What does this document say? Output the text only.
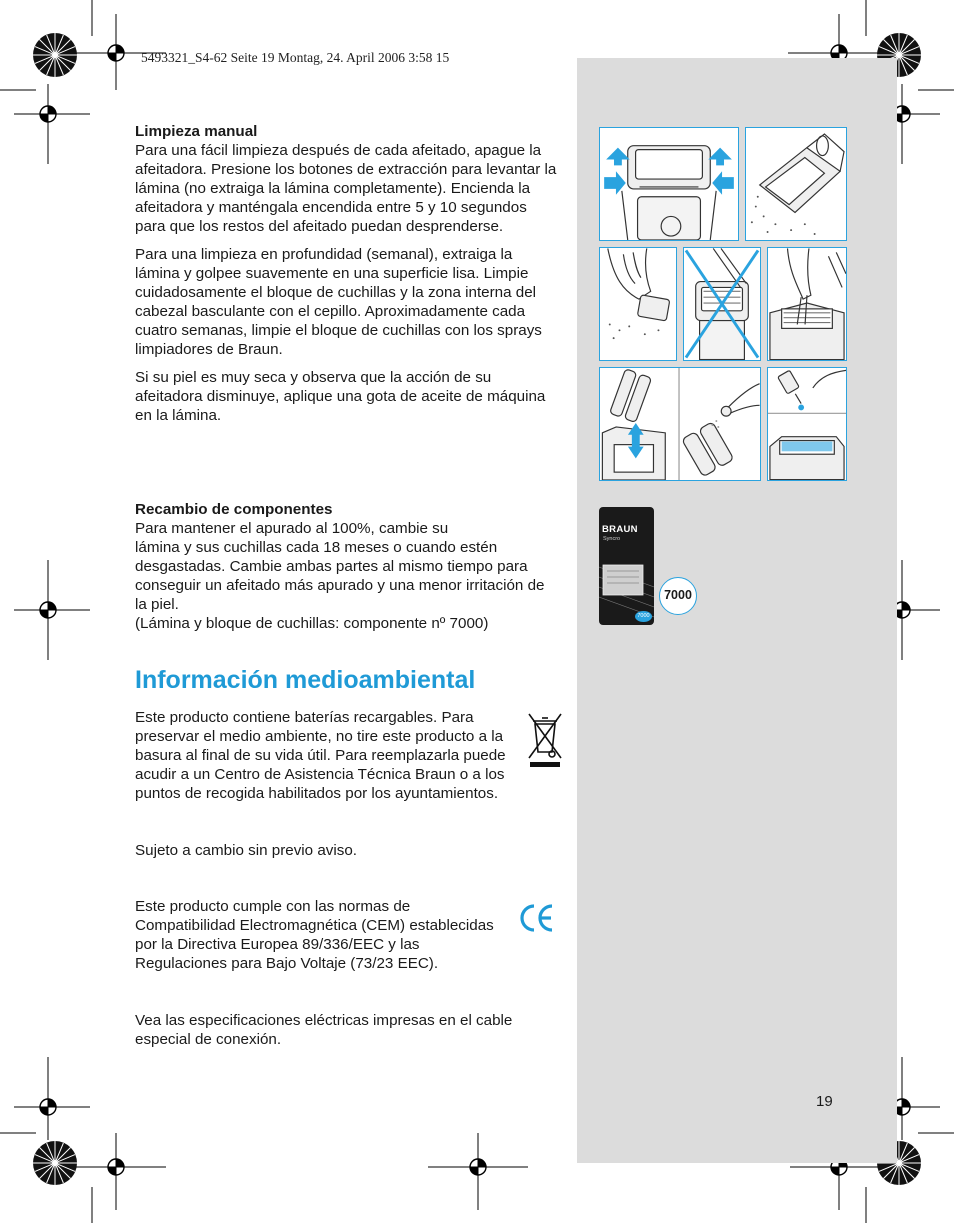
5493321_S4-62 Seite 19 Montag, 24. April 2006 3:58 15

Limpieza manual

Para una fácil limpieza después de cada afeitado, apague la afeitadora. Presione los botones de extracción para levantar la lámina (no extraiga la lámina completamente). Encienda la afeitadora y manténgala encendida entre 5 y 10 segundos para que los restos del afeitado puedan desprenderse.

Para una limpieza en profundidad (semanal), extraiga la lámina y golpee suavemente en una superficie lisa. Limpie cuidadosamente el bloque de cuchillas y la zona interna del cabezal basculante con el cepillo. Aproximadamente cada cuatro semanas, limpie el bloque de cuchillas con los sprays limpiadores de Braun.

Si su piel es muy seca y observa que la acción de su afeitadora disminuye, aplique una gota de aceite de máquina en la lámina.

Recambio de componentes

Para mantener el apurado al 100%, cambie su

lámina y sus cuchillas cada 18 meses o cuando estén desgastadas. Cambie ambas partes al mismo tiempo para conseguir un afeitado más apurado y una menor irritación de la piel.

(Lámina y bloque de cuchillas: componente nº 7000)

Información medioambiental

Este producto contiene baterías recargables. Para preservar el medio ambiente, no tire este producto a la basura al final de su vida útil. Para reemplazarla puede acudir a un Centro de Asistencia Técnica Braun o a los puntos de recogida habilitados por los ayuntamientos.

Sujeto a cambio sin previo aviso.
Este producto cumple con las normas de Compatibilidad Electromagnética (CEM) establecidas por la Directiva Europea 89/336/EEC y las Regulaciones para Bajo Voltaje (73/23 EEC).
Vea las especificaciones eléctricas impresas en el cable especial de conexión.
BRAUN
Syncro
7000
7000
19
